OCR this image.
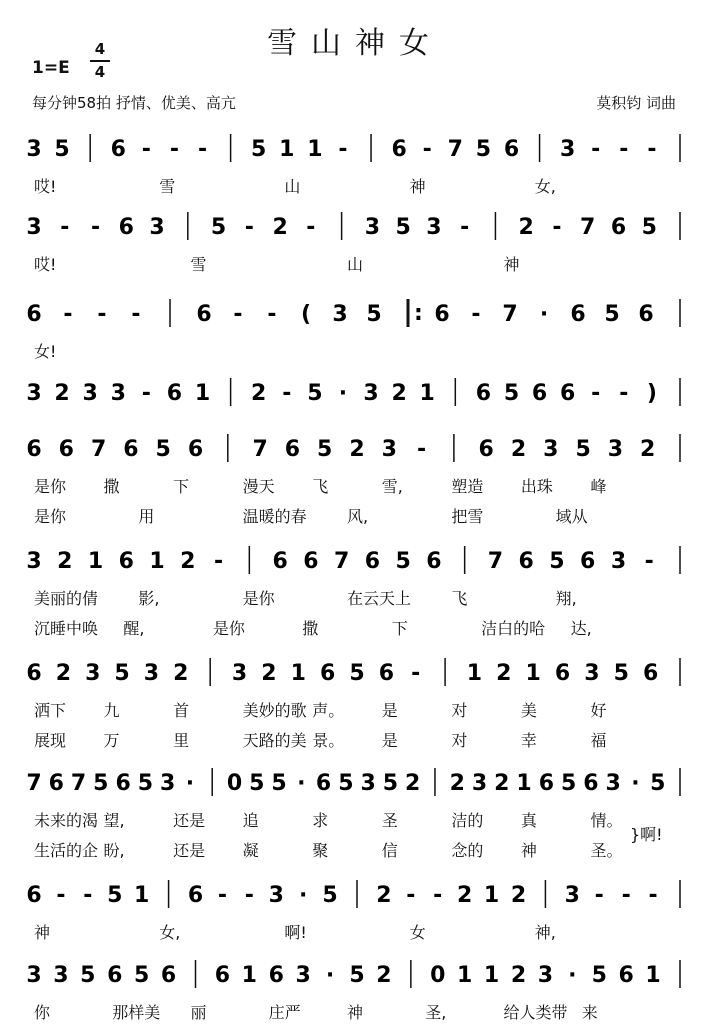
雪山神女
1=E
4
4
每分钟58拍 抒情、优美、高亢	莫积钧 词曲
3 5 6 - - - 5 1 1 - 6 - 7 5 6 3 - - -
哎!	雪	山	神	女,
3 - - 6 3 5 - 2 - 3 5 3 - 2 - 7 6 5
哎!	雪	山	神
6 - - -	6 - - ( 3 5 : 6 - 7 · 6 5 6
女!
3 2 3 3 - 6 1 2 - 5 · 3 2 1 6 5 6 6 - - )
6 6 7 6 5 6 7 6 5 2 3 - 6 2 3 5 3 2
是你 撒	下	漫天 飞	雪,	塑造 出珠 峰
是你	用	温暖的春	风,	把雪	域从
3 2 1 6 1 2 - 6 6 7 6 5 6 7 6 5 6 3 -
美丽的倩	影,	是你	在云天上	飞	翔,
沉睡中唤 醒,	是你	撒	下	洁白的哈 达,
6 2 3 5 3 2 3 2 1 6 5 6 - 1 2 1 6 3 5 6
洒下 九	首	美妙的歌 声。 是	对	美	好
展现 万	里	天路的美 景。 是	对	幸	福
7 6 7 5 6 5 3 · 0 5 5 · 6 5 3 5 2 2 3 2 1 6 5 6 3 · 5
未来的渴 望,	还是 追	求	圣	洁的 真	情。
生活的企 盼,	还是 凝	聚	信	念的 神	圣。
}啊!
6 - - 5 1 6 - - 3 · 5 2 - - 2 1 2 3 - - -
神	女,	啊!	女	神,
3 3 5 6 5 6 6 1 6 3 · 5 2 0 1 1 2 3 · 5 6 1
你	那样美 丽	庄严	神	圣,	给人类带 来
